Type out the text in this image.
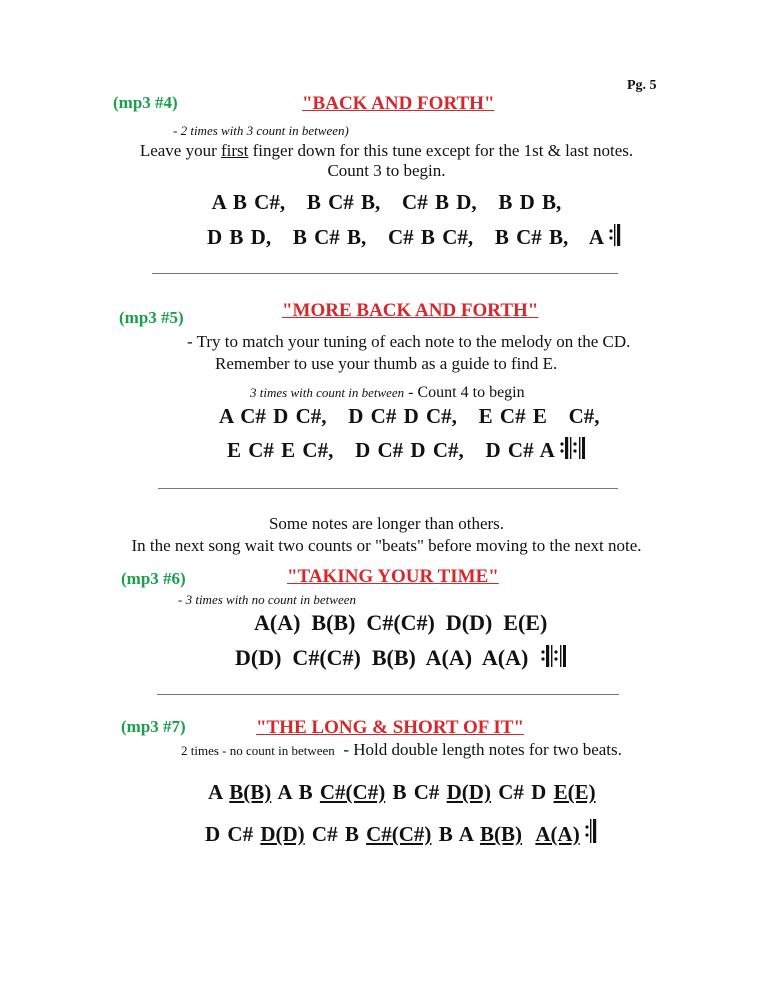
Pg. 5
(mp3 #4)	"BACK AND FORTH"
- 2 times with 3 count in between)
Leave your first finger down for this tune except for the 1st & last notes.
Count 3 to begin.
A B C#,   B C# B,   C# B D,   B D B,
D B D,   B C# B,   C# B C#,   B C# B,   A
(mp3 #5)	"MORE BACK AND FORTH"
- Try to match your tuning of each note to the melody on the CD.
Remember to use your thumb as a guide to find E.
3 times with count in between - Count 4 to begin
A C# D C#,   D C# D C#,   E C# E   C#,
E C# E C#,   D C# D C#,   D C# A
Some notes are longer than others.
In the next song wait two counts or "beats" before moving to the next note.
(mp3 #6)	"TAKING YOUR TIME"
- 3 times with no count in between
A(A)  B(B)  C#(C#)  D(D)  E(E)
D(D)  C#(C#)  B(B)  A(A)  A(A)
(mp3 #7)	"THE LONG & SHORT OF IT"
2 times - no count in between  - Hold double length notes for two beats.
A B(B) A B C#(C#) B C# D(D) C# D E(E)
D C# D(D) C# B C#(C#) B A B(B) A(A)
